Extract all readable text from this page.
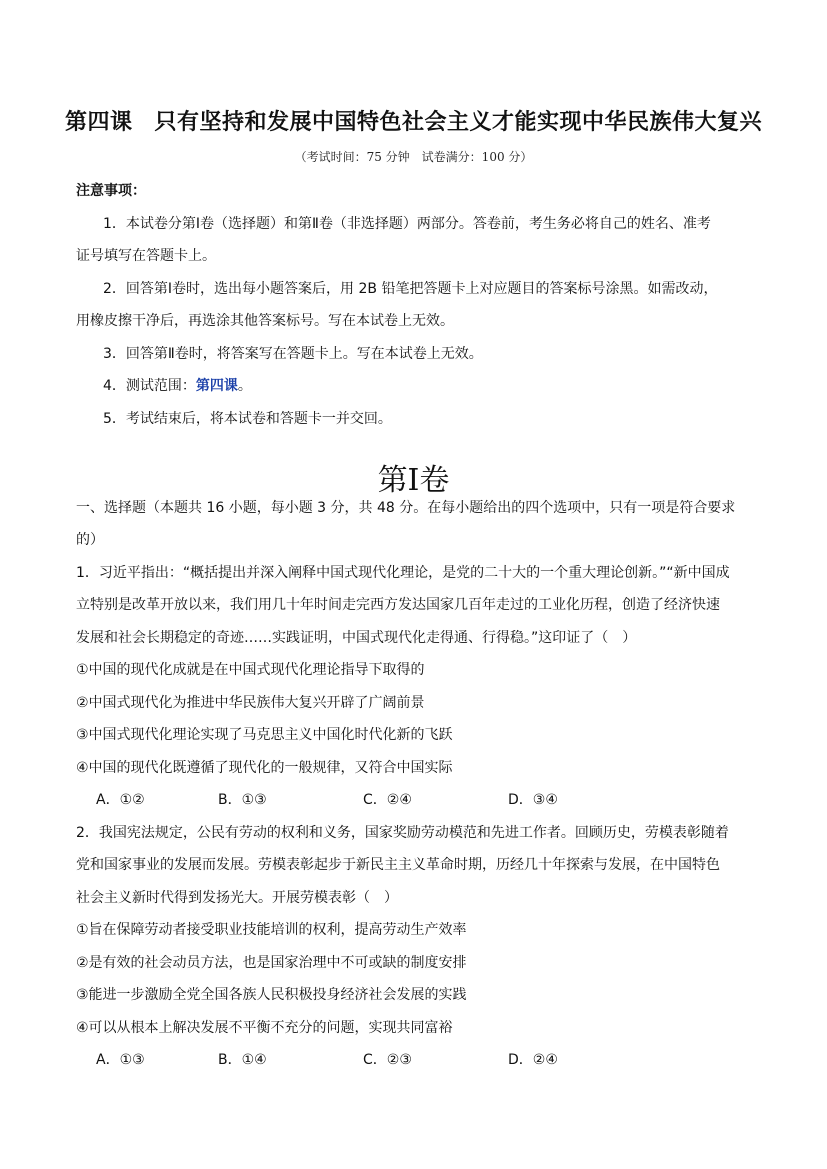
第四课 只有坚持和发展中国特色社会主义才能实现中华民族伟大复兴
（考试时间：75 分钟　试卷满分：100 分）
注意事项：
1．本试卷分第Ⅰ卷（选择题）和第Ⅱ卷（非选择题）两部分。答卷前，考生务必将自己的姓名、准考
证号填写在答题卡上。
2．回答第Ⅰ卷时，选出每小题答案后，用 2B 铅笔把答题卡上对应题目的答案标号涂黑。如需改动，
用橡皮擦干净后，再选涂其他答案标号。写在本试卷上无效。
3．回答第Ⅱ卷时，将答案写在答题卡上。写在本试卷上无效。
4．测试范围：第四课。
5．考试结束后，将本试卷和答题卡一并交回。
第Ⅰ卷
一、选择题（本题共 16 小题，每小题 3 分，共 48 分。在每小题给出的四个选项中，只有一项是符合要求
的）
1．习近平指出：“概括提出并深入阐释中国式现代化理论，是党的二十大的一个重大理论创新。”“新中国成
立特别是改革开放以来，我们用几十年时间走完西方发达国家几百年走过的工业化历程，创造了经济快速
发展和社会长期稳定的奇迹……实践证明，中国式现代化走得通、行得稳。”这印证了（　）
①中国的现代化成就是在中国式现代化理论指导下取得的
②中国式现代化为推进中华民族伟大复兴开辟了广阔前景
③中国式现代化理论实现了马克思主义中国化时代化新的飞跃
④中国的现代化既遵循了现代化的一般规律，又符合中国实际
A．①②	B．①③	C．②④	D．③④
2．我国宪法规定，公民有劳动的权利和义务，国家奖励劳动模范和先进工作者。回顾历史，劳模表彰随着
党和国家事业的发展而发展。劳模表彰起步于新民主主义革命时期，历经几十年探索与发展，在中国特色
社会主义新时代得到发扬光大。开展劳模表彰（　）
①旨在保障劳动者接受职业技能培训的权利，提高劳动生产效率
②是有效的社会动员方法，也是国家治理中不可或缺的制度安排
③能进一步激励全党全国各族人民积极投身经济社会发展的实践
④可以从根本上解决发展不平衡不充分的问题，实现共同富裕
A．①③	B．①④	C．②③	D．②④
